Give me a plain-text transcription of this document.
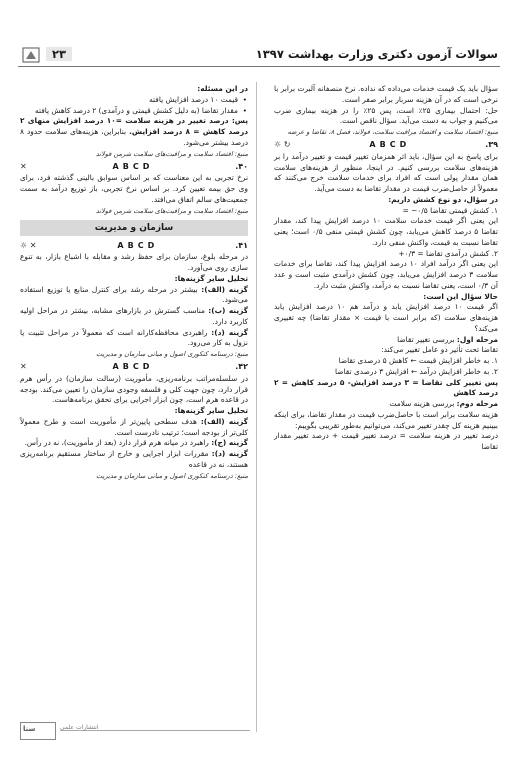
سوالات آزمون دکتری وزارت بهداشت ۱۳۹۷
۲۳

سؤال باید یک قیمت خدمات می‌داده که نداده. نرخ منصفانه آلبرت برابر با نرخی است که در آن هزینه سربار برابر صفر است.

حل: احتمال بیماری ۲۵٪ است، پس ۲۵٪ را در هزینه بیماری ضرب می‌کنیم و جواب به دست می‌آید. سؤال ناقص است.

منبع: اقتصاد سلامت و اقتصاد مراقبت سلامت، فولاند، فصل ۸، تقاضا و عرضه

۳۹.
A B C D
☼ ↻

برای پاسخ به این سؤال، باید اثر همزمان تغییر قیمت و تغییر درآمد را بر هزینه‌های سلامت بررسی کنیم. در اینجا، منظور از هزینه‌های سلامت همان مقدار پولی است که افراد برای خدمات سلامت خرج می‌کنند که معمولاً از حاصل‌ضرب قیمت در مقدار تقاضا به دست می‌آید.

در سؤال، دو نوع کشش داریم:

۱. کشش قیمتی تقاضا ۰/۵− =

این یعنی اگر قیمت خدمات سلامت ۱۰ درصد افزایش پیدا کند، مقدار تقاضا ۵ درصد کاهش می‌یابد، چون کشش قیمتی منفی ۰/۵ است؛ یعنی تقاضا نسبت به قیمت، واکنش منفی دارد.

۲. کشش درآمدی تقاضا = ۰/۳+

این یعنی اگر درآمد افراد ۱۰ درصد افزایش پیدا کند، تقاضا برای خدمات سلامت ۳ درصد افزایش می‌یابد، چون کشش درآمدی مثبت است و عدد آن ۰/۳ است، یعنی تقاضا نسبت به درآمد، واکنش مثبت دارد.

حالا سؤال این است:

اگر قیمت ۱۰ درصد افزایش یابد و درآمد هم ۱۰ درصد افزایش یابد هزینه‌های سلامت (که برابر است با قیمت × مقدار تقاضا) چه تغییری می‌کند؟

مرحله اول: بررسی تغییر تقاضا

تقاضا تحت تأثیر دو عامل تغییر می‌کند:

۱. به خاطر افزایش قیمت ← کاهش ۵ درصدی تقاضا

۲. به خاطر افزایش درآمد ← افزایش ۳ درصدی تقاضا

پس تغییر کلی تقاضا = ۳ درصد افزایش- ۵ درصد کاهش = ۲ درصد کاهش

مرحله دوم: بررسی هزینه سلامت

هزینه سلامت برابر است با حاصل‌ضرب قیمت در مقدار تقاضا، برای اینکه ببینیم هزینه کل چقدر تغییر می‌کند، می‌توانیم به‌طور تقریبی بگوییم:

درصد تغییر در هزینه سلامت = درصد تغییر قیمت + درصد تغییر مقدار تقاضا

در این مسئله:

• قیمت ۱۰ درصد افزایش یافته
• مقدار تقاضا (به دلیل کشش قیمتی و درآمدی) ۲ درصد کاهش یافته

پس: درصد تغییر در هزینه سلامت =۱۰ درصد افزایش منهای ۲ درصد کاهش = ۸ درصد افزایش. بنابراین، هزینه‌های سلامت حدود ۸ درصد بیشتر می‌شود.

منبع: اقتصاد سلامت و مراقبت‌های سلامت شرمن فولاند

۴۰.
A B C D
✕

نرخ تجربی به این معناست که بر اساس سوابق بالینی گذشته فرد، برای وی حق بیمه تعیین کرد. بر اساس نرخ تجربی، باز توزیع درآمد به سمت جمعیت‌های سالم اتفاق می‌افتد.

منبع: اقتصاد سلامت و مراقبت‌های سلامت شرمن فولاند

سازمان و مدیریت
۴۱.
A B C D
☼ ✕

در مرحله بلوغ، سازمان برای حفظ رشد و مقابله با اشباع بازار، به تنوع سازی روی می‌آورد.

تحلیل سایر گزینه‌ها:

گزینه (الف): بیشتر در مرحله رشد برای کنترل منابع یا توزیع استفاده می‌شود.

گزینه (ب): مناسب گسترش در بازارهای مشابه، بیشتر در مراحل اولیه کاربرد دارد.

گزینه (د): راهبردی محافظه‌کارانه است که معمولاً در مراحل تثبیت یا نزول به کار می‌رود.

منبع: درسنامه کنکوری اصول و مبانی سازمان و مدیریت

۴۲.
A B C D
✕

در سلسله‌مراتب برنامه‌ریزی، مأموریت (رسالت سازمان) در رأس هرم قرار دارد، چون جهت کلی و فلسفه وجودی سازمان را تعیین می‌کند. بودجه در قاعده هرم است، چون ابزار اجرایی برای تحقق برنامه‌هاست.

تحلیل سایر گزینه‌ها:

گزینه (الف): هدف سطحی پایین‌تر از مأموریت است و طرح معمولاً کلی‌تر از بودجه است؛ ترتیب نادرست است.

گزینه (ج): راهبرد در میانه هرم قرار دارد (بعد از مأموریت)، نه در رأس.

گزینه (د): مقررات ابزار اجرایی و خارج از ساختار مستقیم برنامه‌ریزی هستند، نه در قاعده

منبع: درسنامه کنکوری اصول و مبانی سازمان و مدیریت

سنا	انتشارات علمی
